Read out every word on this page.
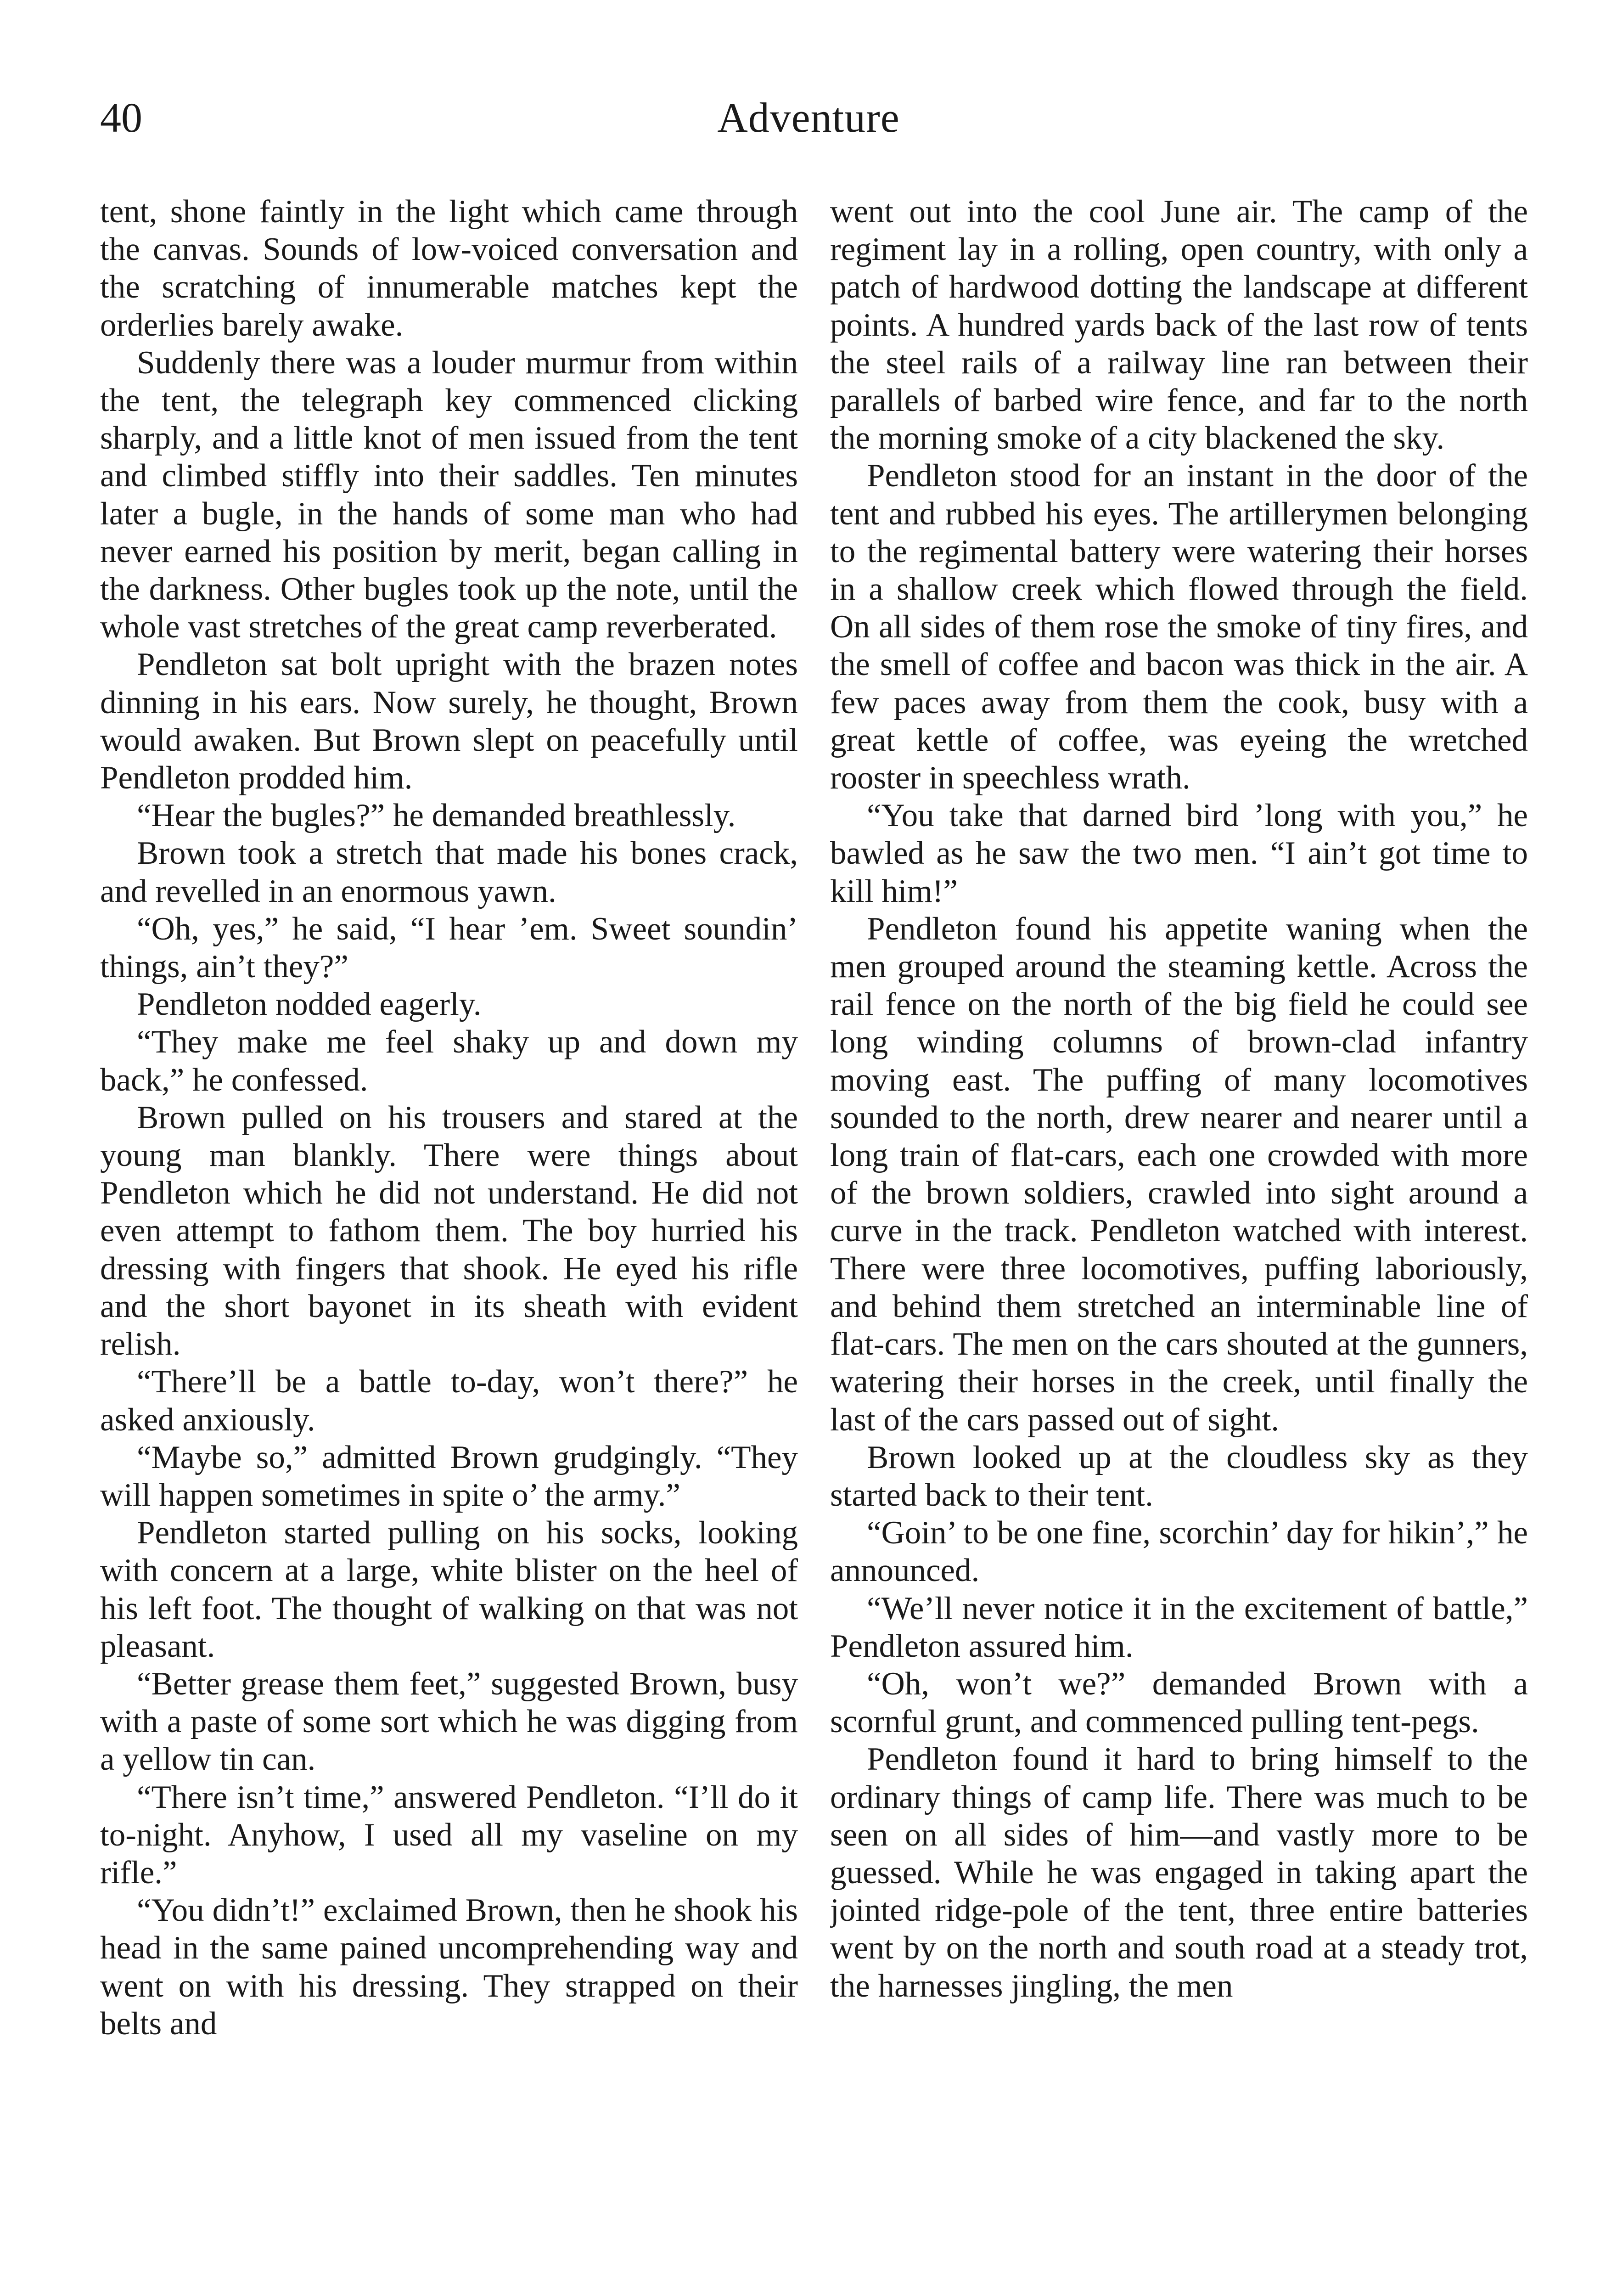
40	Adventure

tent, shone faintly in the light which came through the canvas. Sounds of low-voiced conversation and the scratching of innumerable matches kept the orderlies barely awake.

Suddenly there was a louder murmur from within the tent, the telegraph key commenced clicking sharply, and a little knot of men issued from the tent and climbed stiffly into their saddles. Ten minutes later a bugle, in the hands of some man who had never earned his position by merit, began calling in the darkness. Other bugles took up the note, until the whole vast stretches of the great camp reverberated.

Pendleton sat bolt upright with the brazen notes dinning in his ears. Now surely, he thought, Brown would awaken. But Brown slept on peacefully until Pendleton prodded him.

“Hear the bugles?” he demanded breathlessly.

Brown took a stretch that made his bones crack, and revelled in an enormous yawn.

“Oh, yes,” he said, “I hear ’em. Sweet soundin’ things, ain’t they?”

Pendleton nodded eagerly.

“They make me feel shaky up and down my back,” he confessed.

Brown pulled on his trousers and stared at the young man blankly. There were things about Pendleton which he did not understand. He did not even attempt to fathom them. The boy hurried his dressing with fingers that shook. He eyed his rifle and the short bayonet in its sheath with evident relish.

“There’ll be a battle to-day, won’t there?” he asked anxiously.

“Maybe so,” admitted Brown grudgingly. “They will happen sometimes in spite o’ the army.”

Pendleton started pulling on his socks, looking with concern at a large, white blister on the heel of his left foot. The thought of walking on that was not pleasant.

“Better grease them feet,” suggested Brown, busy with a paste of some sort which he was digging from a yellow tin can.

“There isn’t time,” answered Pendleton. “I’ll do it to-night. Anyhow, I used all my vaseline on my rifle.”

“You didn’t!” exclaimed Brown, then he shook his head in the same pained uncomprehending way and went on with his dressing. They strapped on their belts and

went out into the cool June air. The camp of the regiment lay in a rolling, open country, with only a patch of hardwood dotting the landscape at different points. A hundred yards back of the last row of tents the steel rails of a railway line ran between their parallels of barbed wire fence, and far to the north the morning smoke of a city blackened the sky.

Pendleton stood for an instant in the door of the tent and rubbed his eyes. The artillerymen belonging to the regimental battery were watering their horses in a shallow creek which flowed through the field. On all sides of them rose the smoke of tiny fires, and the smell of coffee and bacon was thick in the air. A few paces away from them the cook, busy with a great kettle of coffee, was eyeing the wretched rooster in speechless wrath.

“You take that darned bird ’long with you,” he bawled as he saw the two men. “I ain’t got time to kill him!”

Pendleton found his appetite waning when the men grouped around the steaming kettle. Across the rail fence on the north of the big field he could see long winding columns of brown-clad infantry moving east. The puffing of many locomotives sounded to the north, drew nearer and nearer until a long train of flat-cars, each one crowded with more of the brown soldiers, crawled into sight around a curve in the track. Pendleton watched with interest. There were three locomotives, puffing laboriously, and behind them stretched an interminable line of flat-cars. The men on the cars shouted at the gunners, watering their horses in the creek, until finally the last of the cars passed out of sight.

Brown looked up at the cloudless sky as they started back to their tent.

“Goin’ to be one fine, scorchin’ day for hikin’,” he announced.

“We’ll never notice it in the excitement of battle,” Pendleton assured him.

“Oh, won’t we?” demanded Brown with a scornful grunt, and commenced pulling tent-pegs.

Pendleton found it hard to bring himself to the ordinary things of camp life. There was much to be seen on all sides of him—and vastly more to be guessed. While he was engaged in taking apart the jointed ridge-pole of the tent, three entire batteries went by on the north and south road at a steady trot, the harnesses jingling, the men
